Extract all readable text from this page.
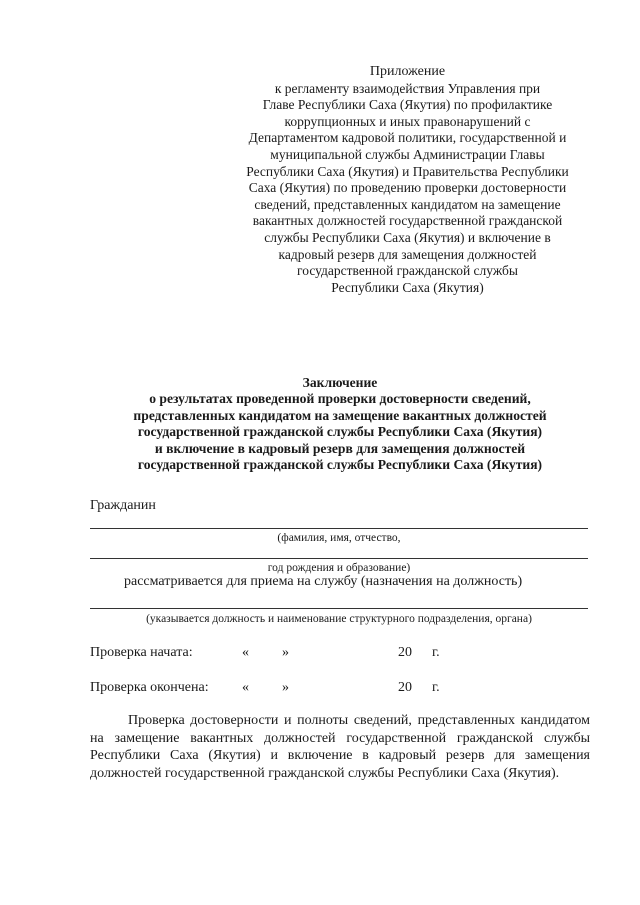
Приложение
к регламенту взаимодействия Управления при
Главе Республики Саха (Якутия) по профилактике
коррупционных и иных правонарушений с
Департаментом кадровой политики, государственной и
муниципальной службы Администрации Главы
Республики Саха (Якутия) и Правительства Республики
Саха (Якутия) по проведению проверки достоверности
сведений, представленных кандидатом на замещение
вакантных должностей государственной гражданской
службы Республики Саха (Якутия) и включение в
кадровый резерв для замещения должностей
государственной гражданской службы
Республики Саха (Якутия)
Заключение
о результатах проведенной проверки достоверности сведений,
представленных кандидатом на замещение вакантных должностей
государственной гражданской службы Республики Саха (Якутия)
и включение в кадровый резерв для замещения должностей
государственной гражданской службы Республики Саха (Якутия)
Гражданин
(фамилия, имя, отчество,
год рождения и образование)
рассматривается для приема на службу (назначения на должность)
(указывается должность и наименование структурного подразделения, органа)
Проверка начата:	« »	20 г.
Проверка окончена: « »	20 г.
Проверка достоверности и полноты сведений, представленных кандидатом на замещение вакантных должностей государственной гражданской службы Республики Саха (Якутия) и включение в кадровый резерв для замещения должностей государственной гражданской службы Республики Саха (Якутия).
